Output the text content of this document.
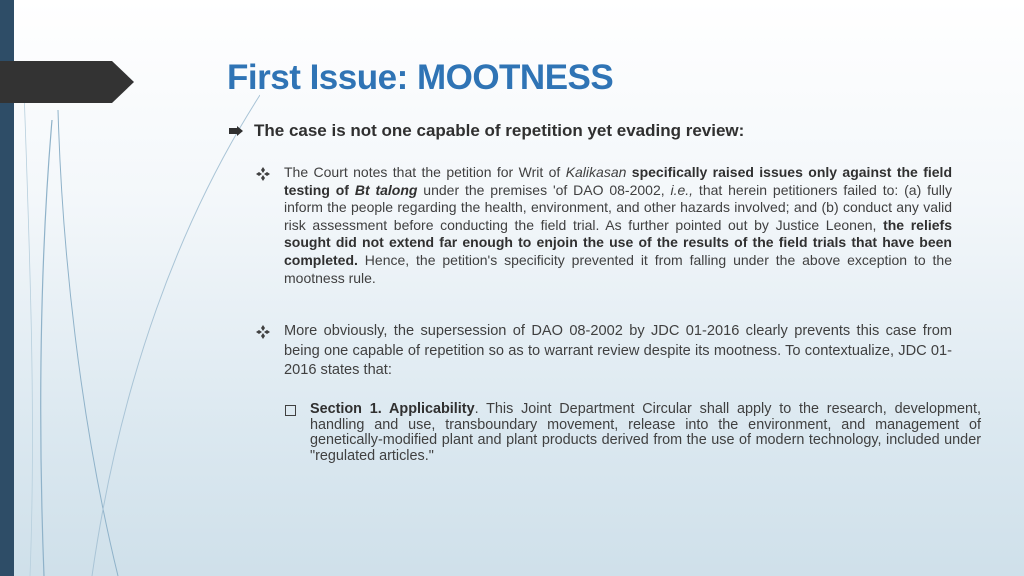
First Issue: MOOTNESS
The case is not one capable of repetition yet evading review:
The Court notes that the petition for Writ of Kalikasan specifically raised issues only against the field testing of Bt talong under the premises 'of DAO 08-2002, i.e., that herein petitioners failed to: (a) fully inform the people regarding the health, environment, and other hazards involved; and (b) conduct any valid risk assessment before conducting the field trial. As further pointed out by Justice Leonen, the reliefs sought did not extend far enough to enjoin the use of the results of the field trials that have been completed. Hence, the petition's specificity prevented it from falling under the above exception to the mootness rule.
More obviously, the supersession of DAO 08-2002 by JDC 01-2016 clearly prevents this case from being one capable of repetition so as to warrant review despite its mootness. To contextualize, JDC 01-2016 states that:
Section 1. Applicability. This Joint Department Circular shall apply to the research, development, handling and use, transboundary movement, release into the environment, and management of genetically-modified plant and plant products derived from the use of modern technology, included under "regulated articles."
